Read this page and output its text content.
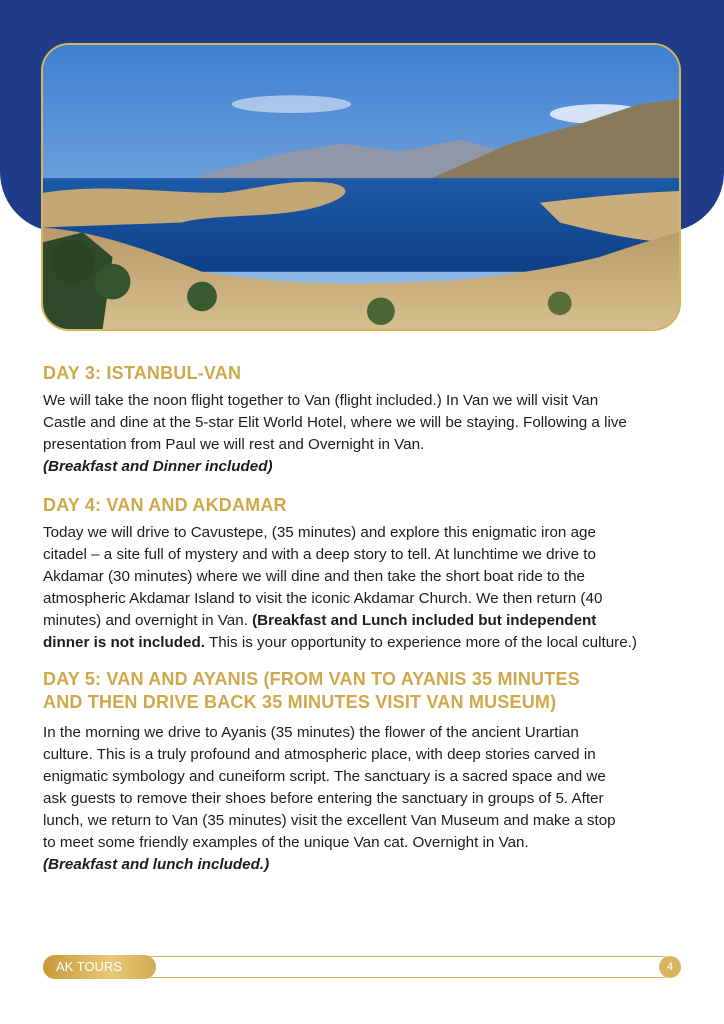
DAY 3: ISTANBUL-VAN

We will take the noon flight together to Van (flight included.) In Van we will visit Van
Castle and dine at the 5-star Elit World Hotel, where we will be staying. Following a live
presentation from Paul we will rest and Overnight in Van.
(Breakfast and Dinner included)

DAY 4: VAN AND AKDAMAR

Today we will drive to Cavustepe, (35 minutes) and explore this enigmatic iron age
citadel – a site full of mystery and with a deep story to tell. At lunchtime we drive to
Akdamar (30 minutes) where we will dine and then take the short boat ride to the
atmospheric Akdamar Island to visit the iconic Akdamar Church. We then return (40
minutes) and overnight in Van. (Breakfast and Lunch included but independent
dinner is not included. This is your opportunity to experience more of the local culture.)

DAY 5: VAN AND AYANIS (FROM VAN TO AYANIS 35 MINUTES
AND THEN DRIVE BACK 35 MINUTES VISIT VAN MUSEUM)

In the morning we drive to Ayanis (35 minutes) the flower of the ancient Urartian
culture. This is a truly profound and atmospheric place, with deep stories carved in
enigmatic symbology and cuneiform script. The sanctuary is a sacred space and we
ask guests to remove their shoes before entering the sanctuary in groups of 5. After
lunch, we return to Van (35 minutes) visit the excellent Van Museum and make a stop
to meet some friendly examples of the unique Van cat. Overnight in Van.
(Breakfast and lunch included.)

AK TOURS	4
